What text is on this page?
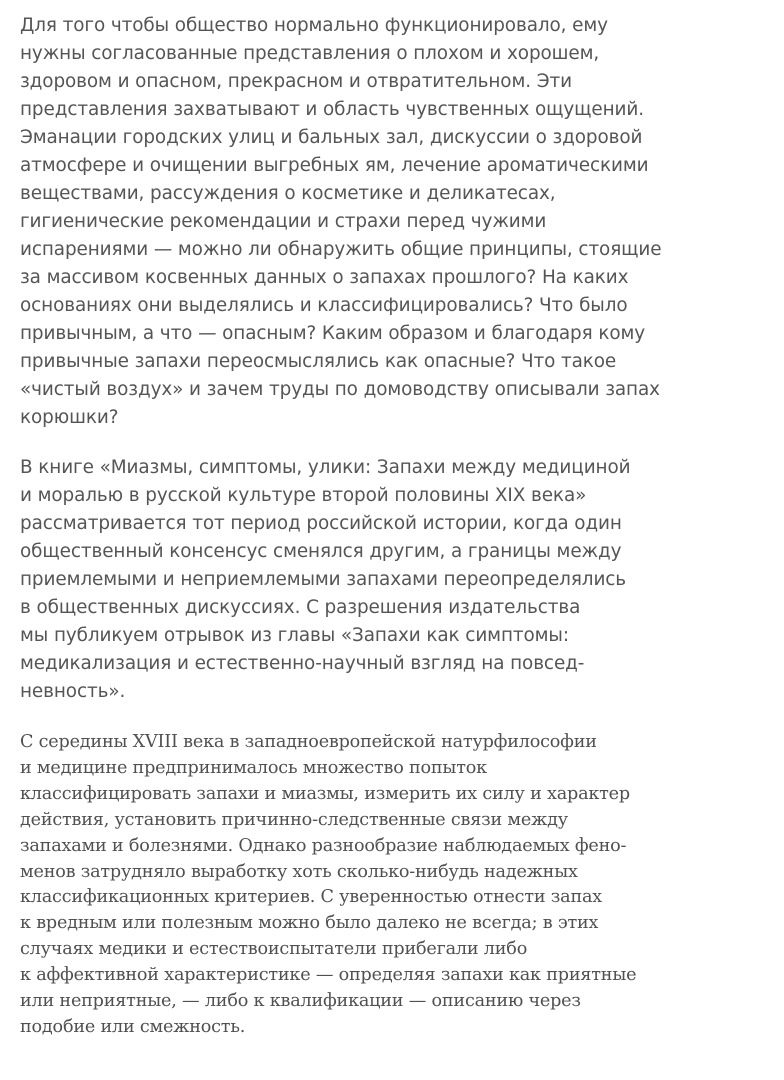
Для того чтобы общество нормально функционировало, ему
нужны согласованные представления о плохом и хорошем,
здоровом и опасном, прекрасном и отвратительном. Эти
представления захватывают и область чувственных ощущений.
Эманации городских улиц и бальных зал, дискуссии о здоровой
атмосфере и очищении выгребных ям, лечение ароматическими
веществами, рассуждения о косметике и деликатесах,
гигиенические рекомендации и страхи перед чужими
испарениями — можно ли обнаружить общие принципы, стоящие
за массивом косвенных данных о запахах прошлого? На каких
основаниях они выделялись и классифицировались? Что было
привычным, а что — опасным? Каким образом и благодаря кому
привычные запахи переосмыслялись как опасные? Что такое
«чистый воздух» и зачем труды по домоводству описывали запах
корюшки?

В книге «Миазмы, симптомы, улики: Запахи между медициной
и моралью в русской культуре второй половины XIX века»
рассматривается тот период российской истории, когда один
общественный консенсус сменялся другим, а границы между
приемлемыми и неприемлемыми запахами переопределялись
в общественных дискуссиях. С разрешения издательства
мы публикуем отрывок из главы «Запахи как симптомы:
медикализация и естественно-научный взгляд на повсед-
невность».

С середины XVIII века в западноевропейской натурфилософии
и медицине предпринималось множество попыток
классифицировать запахи и миазмы, измерить их силу и характер
действия, установить причинно-следственные связи между
запахами и болезнями. Однако разнообразие наблюдаемых фено-
менов затрудняло выработку хоть сколько-нибудь надежных
классификационных критериев. С уверенностью отнести запах
к вредным или полезным можно было далеко не всегда; в этих
случаях медики и естествоиспытатели прибегали либо
к аффективной характеристике — определяя запахи как приятные
или неприятные, — либо к квалификации — описанию через
подобие или смежность.
